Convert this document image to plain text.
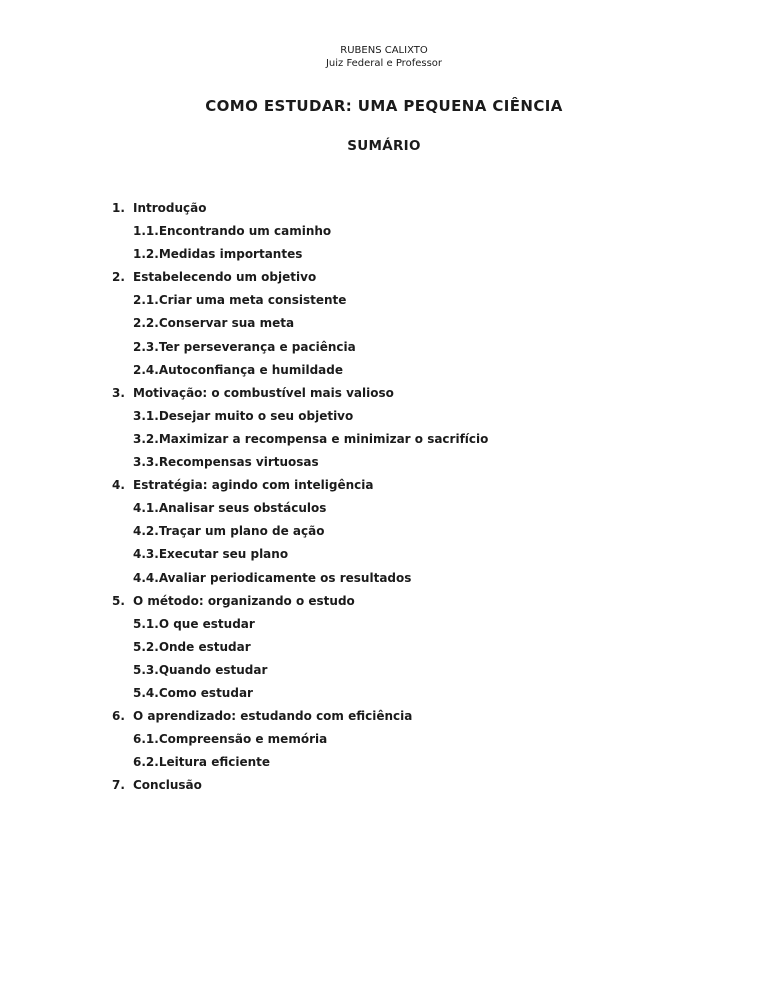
RUBENS CALIXTO
Juiz Federal e Professor
COMO ESTUDAR: UMA PEQUENA CIÊNCIA
SUMÁRIO
1. Introdução
1.1.Encontrando um caminho
1.2.Medidas importantes
2. Estabelecendo um objetivo
2.1.Criar uma meta consistente
2.2.Conservar sua meta
2.3.Ter perseverança e paciência
2.4.Autoconfiança e humildade
3. Motivação: o combustível mais valioso
3.1.Desejar muito o seu objetivo
3.2.Maximizar a recompensa e minimizar o sacrifício
3.3.Recompensas virtuosas
4. Estratégia: agindo com inteligência
4.1.Analisar seus obstáculos
4.2.Traçar um plano de ação
4.3.Executar seu plano
4.4.Avaliar periodicamente os resultados
5. O método: organizando o estudo
5.1.O que estudar
5.2.Onde estudar
5.3.Quando estudar
5.4.Como estudar
6. O aprendizado: estudando com eficiência
6.1.Compreensão e memória
6.2.Leitura eficiente
7. Conclusão
